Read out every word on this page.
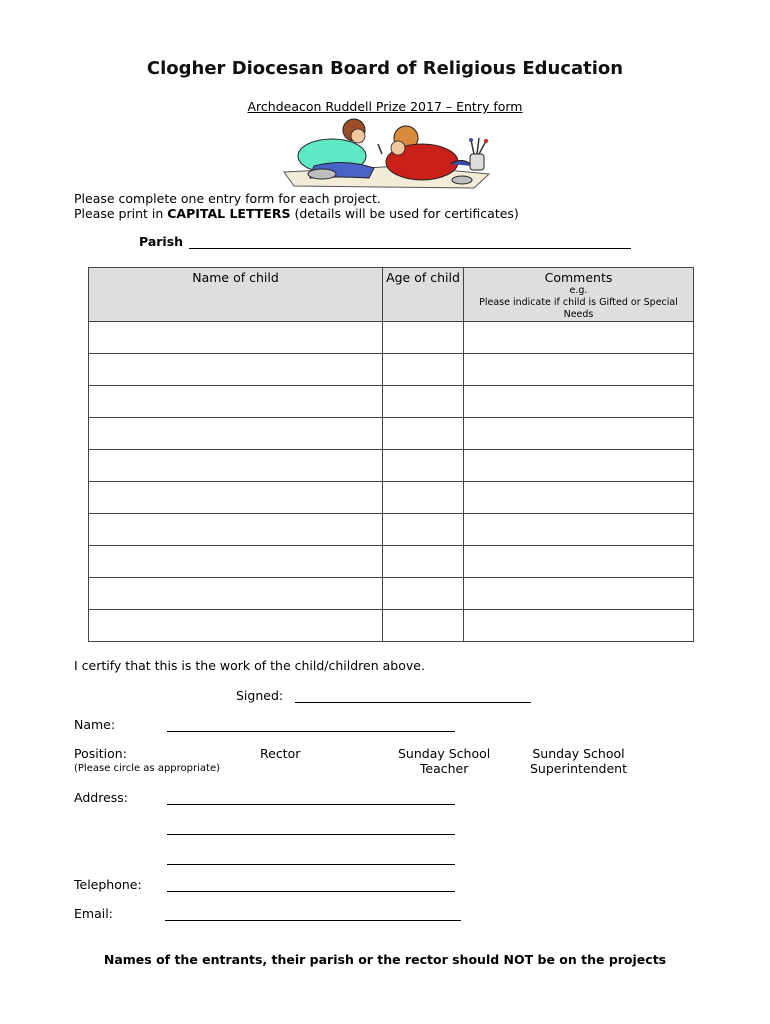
Clogher Diocesan Board of Religious Education
Archdeacon Ruddell Prize 2017 – Entry form
Please complete one entry form for each project.
Please print in CAPITAL LETTERS (details will be used for certificates)
Parish
Name of child	Age of child	Comments
e.g.
Please indicate if child is Gifted or Special Needs

I certify that this is the work of the child/children above.
Signed:
Name:
Position:
(Please circle as appropriate)
Rector	Sunday School
Teacher
Sunday School
Superintendent
Address:
Telephone:
Email:
Names of the entrants, their parish or the rector should NOT be on the projects
